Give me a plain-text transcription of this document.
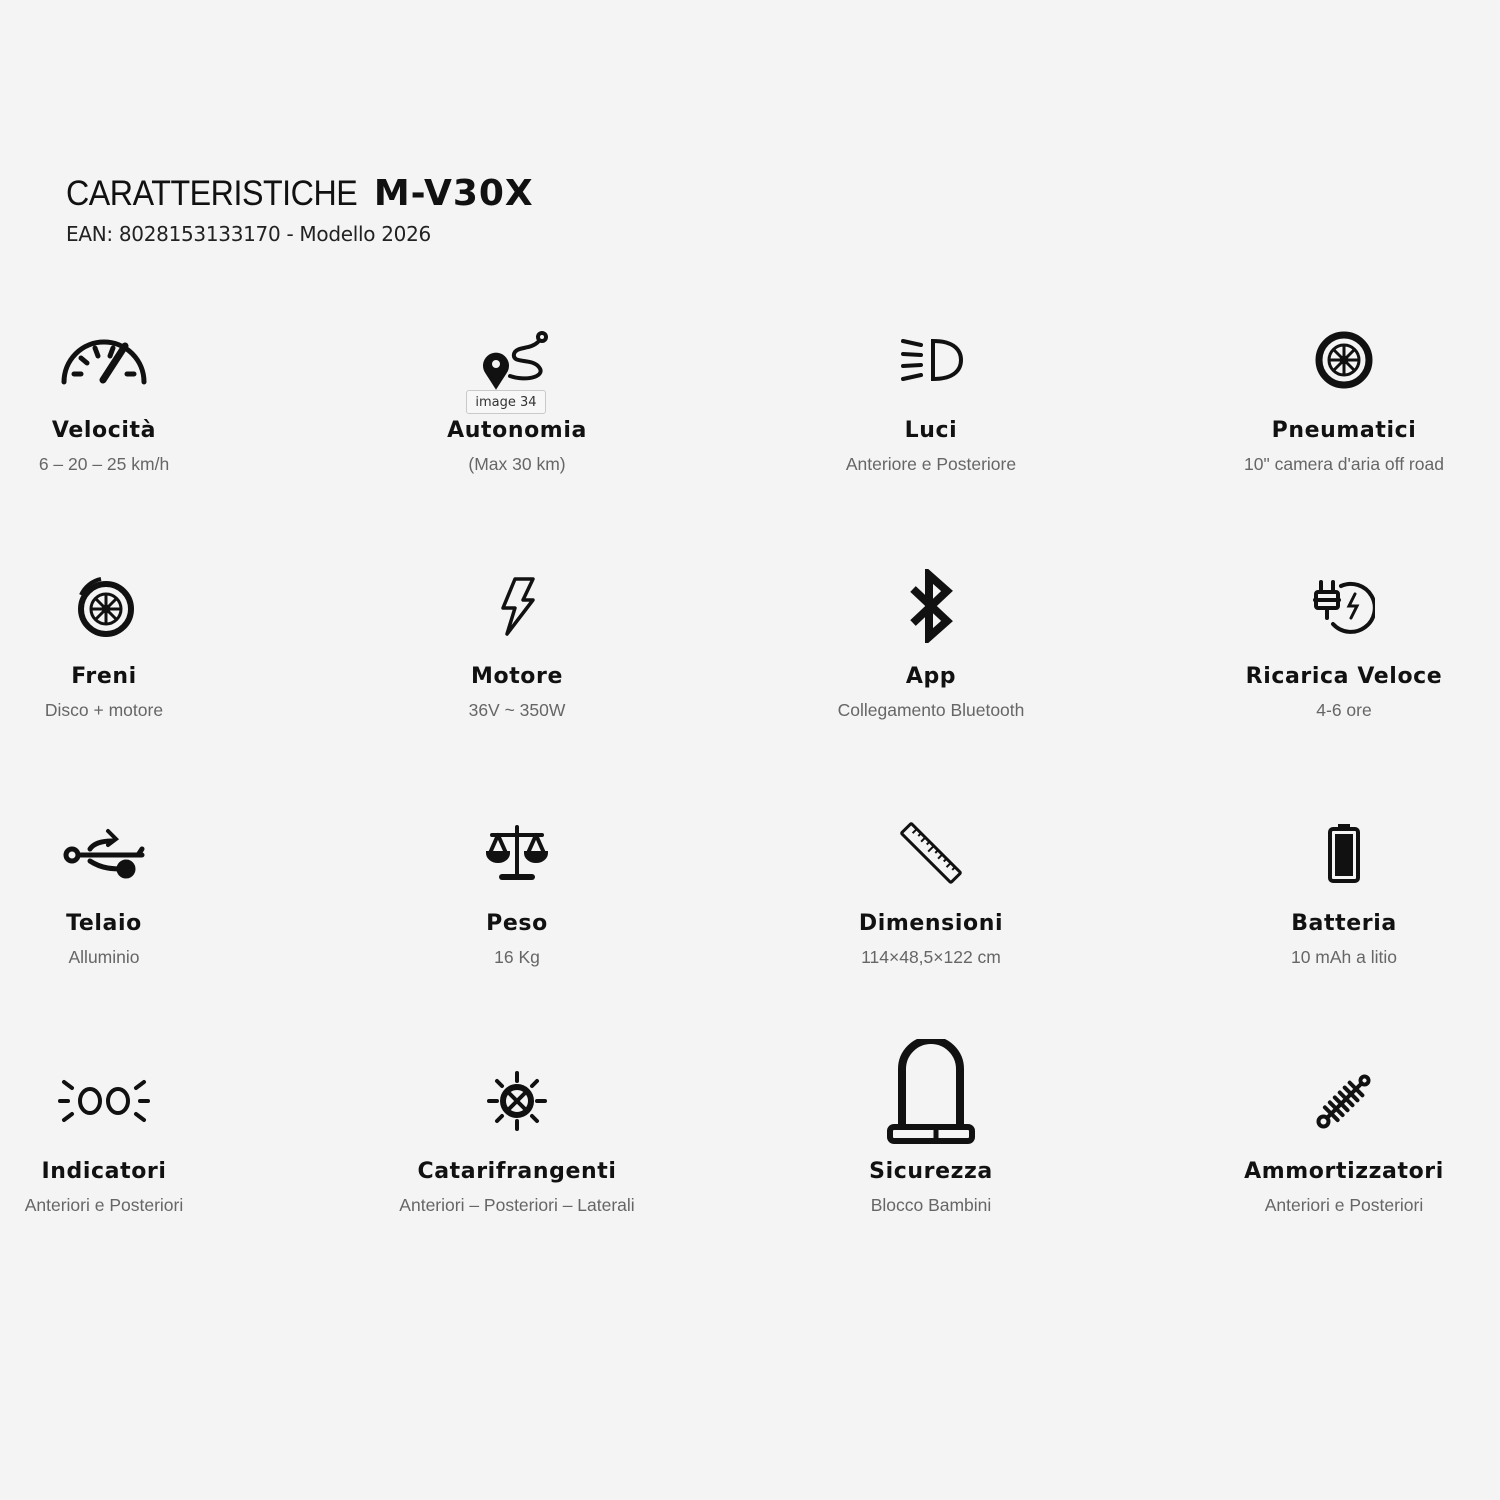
CARATTERISTICHE M-V30X
EAN: 8028153133170 - Modello 2026
Velocità
6 – 20 – 25 km/h
Autonomia
(Max 30 km)
Luci
Anteriore e Posteriore
Pneumatici
10" camera d'aria off road
image 34
Freni
Disco + motore
Motore
36V ~ 350W
App
Collegamento Bluetooth
Ricarica Veloce
4-6 ore
Telaio
Alluminio
Peso
16 Kg
Dimensioni
114×48,5×122 cm
Batteria
10 mAh a litio
Indicatori
Anteriori e Posteriori
Catarifrangenti
Anteriori – Posteriori – Laterali
Sicurezza
Blocco Bambini
Ammortizzatori
Anteriori e Posteriori
